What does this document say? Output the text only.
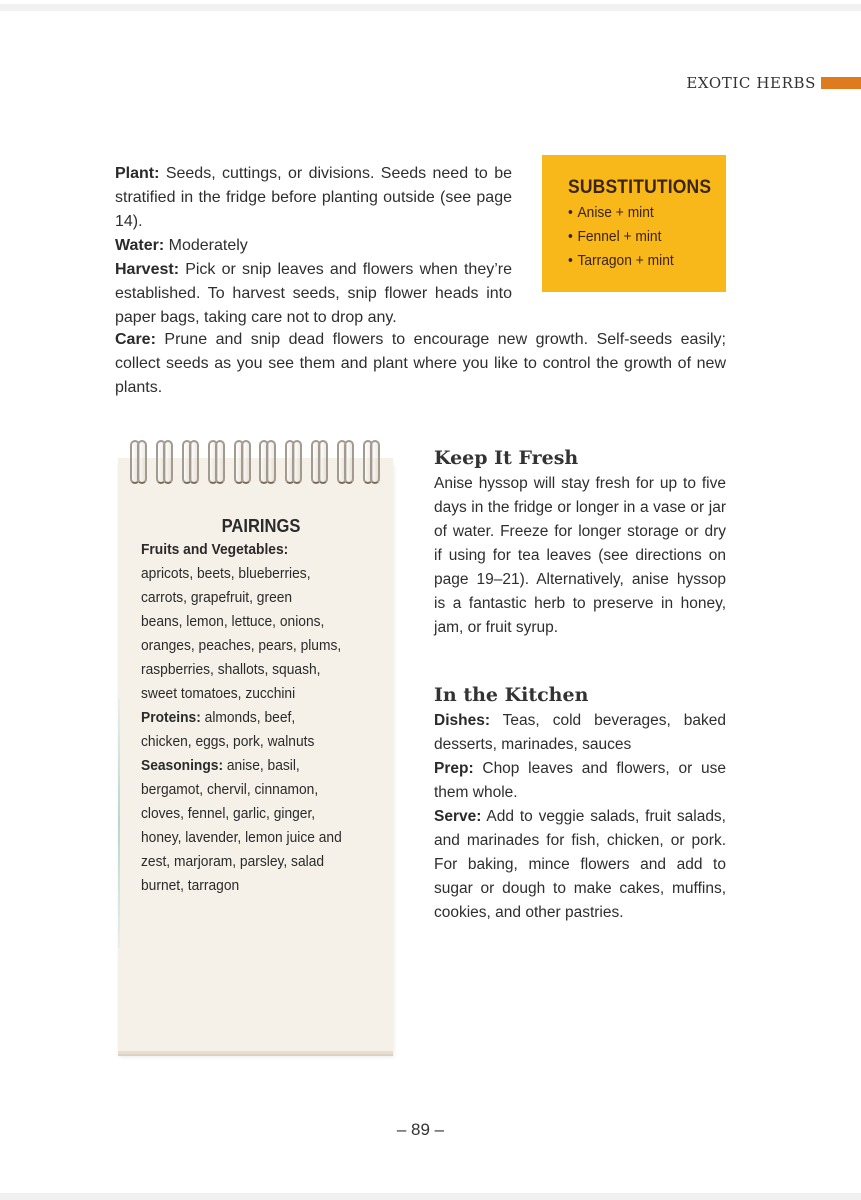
EXOTIC HERBS

Plant: Seeds, cuttings, or divisions. Seeds need to be stratified in the fridge before planting outside (see page 14).

Water: Moderately

Harvest: Pick or snip leaves and flowers when they’re established. To harvest seeds, snip flower heads into paper bags, taking care not to drop any.

Care: Prune and snip dead flowers to encourage new growth. Self-seeds easily; collect seeds as you see them and plant where you like to control the growth of new plants.

SUBSTITUTIONS

• Anise + mint
• Fennel + mint
• Tarragon + mint

PAIRINGS

Fruits and Vegetables:

apricots, beets, blueberries,

carrots, grapefruit, green

beans, lemon, lettuce, onions,

oranges, peaches, pears, plums,

raspberries, shallots, squash,

sweet tomatoes, zucchini

Proteins: almonds, beef,

chicken, eggs, pork, walnuts

Seasonings: anise, basil,

bergamot, chervil, cinnamon,

cloves, fennel, garlic, ginger,

honey, lavender, lemon juice and

zest, marjoram, parsley, salad

burnet, tarragon

Keep It Fresh

Anise hyssop will stay fresh for up to five days in the fridge or longer in a vase or jar of water. Freeze for longer storage or dry if using for tea leaves (see directions on page 19–21). Alternatively, anise hyssop is a fantastic herb to preserve in honey, jam, or fruit syrup.

In the Kitchen

Dishes: Teas, cold beverages, baked desserts, marinades, sauces

Prep: Chop leaves and flowers, or use them whole.

Serve: Add to veggie salads, fruit salads, and marinades for fish, chicken, or pork. For baking, mince flowers and add to sugar or dough to make cakes, muffins, cookies, and other pastries.

– 89 –
